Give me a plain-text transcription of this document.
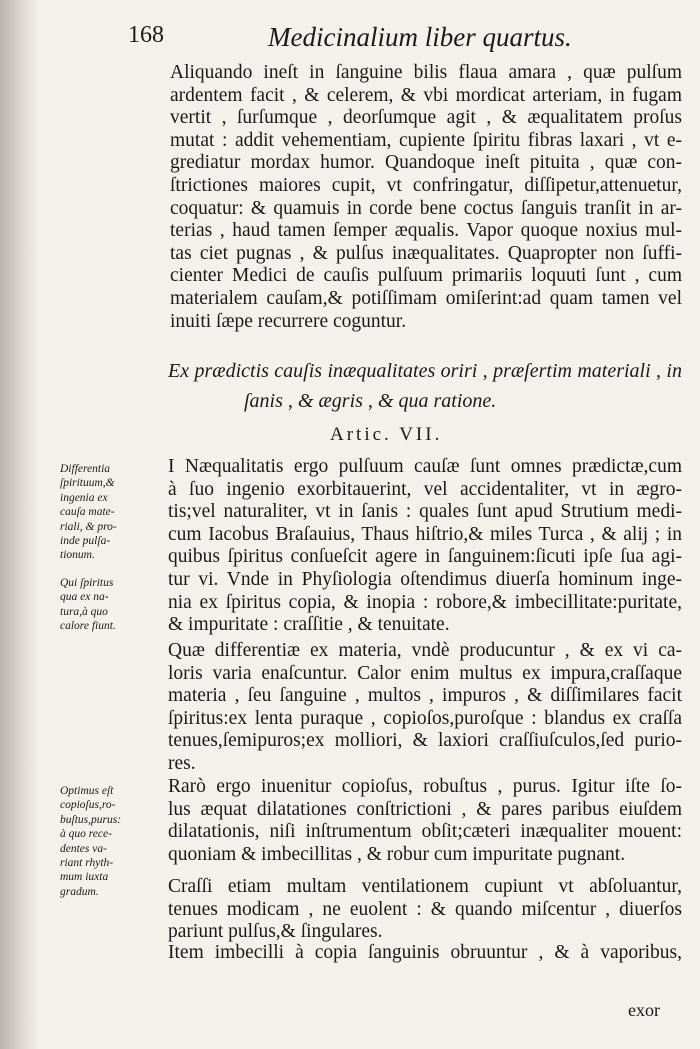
168	Medicinalium liber quartus.
Aliquando ineſt in ſanguine bilis flaua amara , quæ pulſum
ardentem facit , & celerem, & vbi mordicat arteriam, in fugam
vertit , ſurſumque , deorſumque agit , & æqualitatem proſus
mutat : addit vehementiam, cupiente ſpiritu fibras laxari , vt e-
grediatur mordax humor. Quandoque ineſt pituita , quæ con-
ſtrictiones maiores cupit, vt confringatur, diſſipetur,attenuetur,
coquatur: & quamuis in corde bene coctus ſanguis tranſit in ar-
terias , haud tamen ſemper æqualis. Vapor quoque noxius mul-
tas ciet pugnas , & pulſus inæqualitates. Quapropter non ſuffi-
cienter Medici de cauſis pulſuum primariis loquuti ſunt , cum
materialem cauſam,& potiſſimam omiſerint:ad quam tamen vel
inuiti ſæpe recurrere coguntur.
Ex prædictis cauſis inæqualitates oriri , præſertim materiali , in
ſanis , & ægris , & qua ratione.
Artic. VII.
Differentia
ſpirituum,&
ingenia ex
cauſa mate-
riali, & pro-
inde pulſa-
tionum.
Qui ſpiritus
qua ex na-
tura,à quo
calore fiunt.
I Næqualitatis ergo pulſuum cauſæ ſunt omnes prædictæ,cum
à ſuo ingenio exorbitauerint, vel accidentaliter, vt in ægro-
tis;vel naturaliter, vt in ſanis : quales ſunt apud Strutium medi-
cum Iacobus Braſauius, Thaus hiſtrio,& miles Turca , & alij ; in
quibus ſpiritus conſueſcit agere in ſanguinem:ſicuti ipſe ſua agi-
tur vi. Vnde in Phyſiologia oſtendimus diuerſa hominum inge-
nia ex ſpiritus copia, & inopia : robore,& imbecillitate:puritate,
& impuritate : craſſitie , & tenuitate.
Quæ differentiæ ex materia, vndè producuntur , & ex vi ca-
loris varia enaſcuntur. Calor enim multus ex impura,craſſaque
materia , ſeu ſanguine , multos , impuros , & diſſimilares facit
ſpiritus:ex lenta puraque , copioſos,puroſque : blandus ex craſſa
tenues,ſemipuros;ex molliori, & laxiori craſſiuſculos,ſed purio-
res.
Optimus eſt
copioſus,ro-
buſtus,purus:
à quo rece-
dentes va-
riant rhyth-
mum iuxta
gradum.
Rarò ergo inuenitur copioſus, robuſtus , purus. Igitur iſte ſo-
lus æquat dilatationes conſtrictioni , & pares paribus eiuſdem
dilatationis, niſi inſtrumentum obſit;cæteri inæqualiter mouent:
quoniam & imbecillitas , & robur cum impuritate pugnant.
Craſſi etiam multam ventilationem cupiunt vt abſoluantur,
tenues modicam , ne euolent : & quando miſcentur , diuerſos
pariunt pulſus,& ſingulares.
Item imbecilli à copia ſanguinis obruuntur , & à vaporibus,
exor
